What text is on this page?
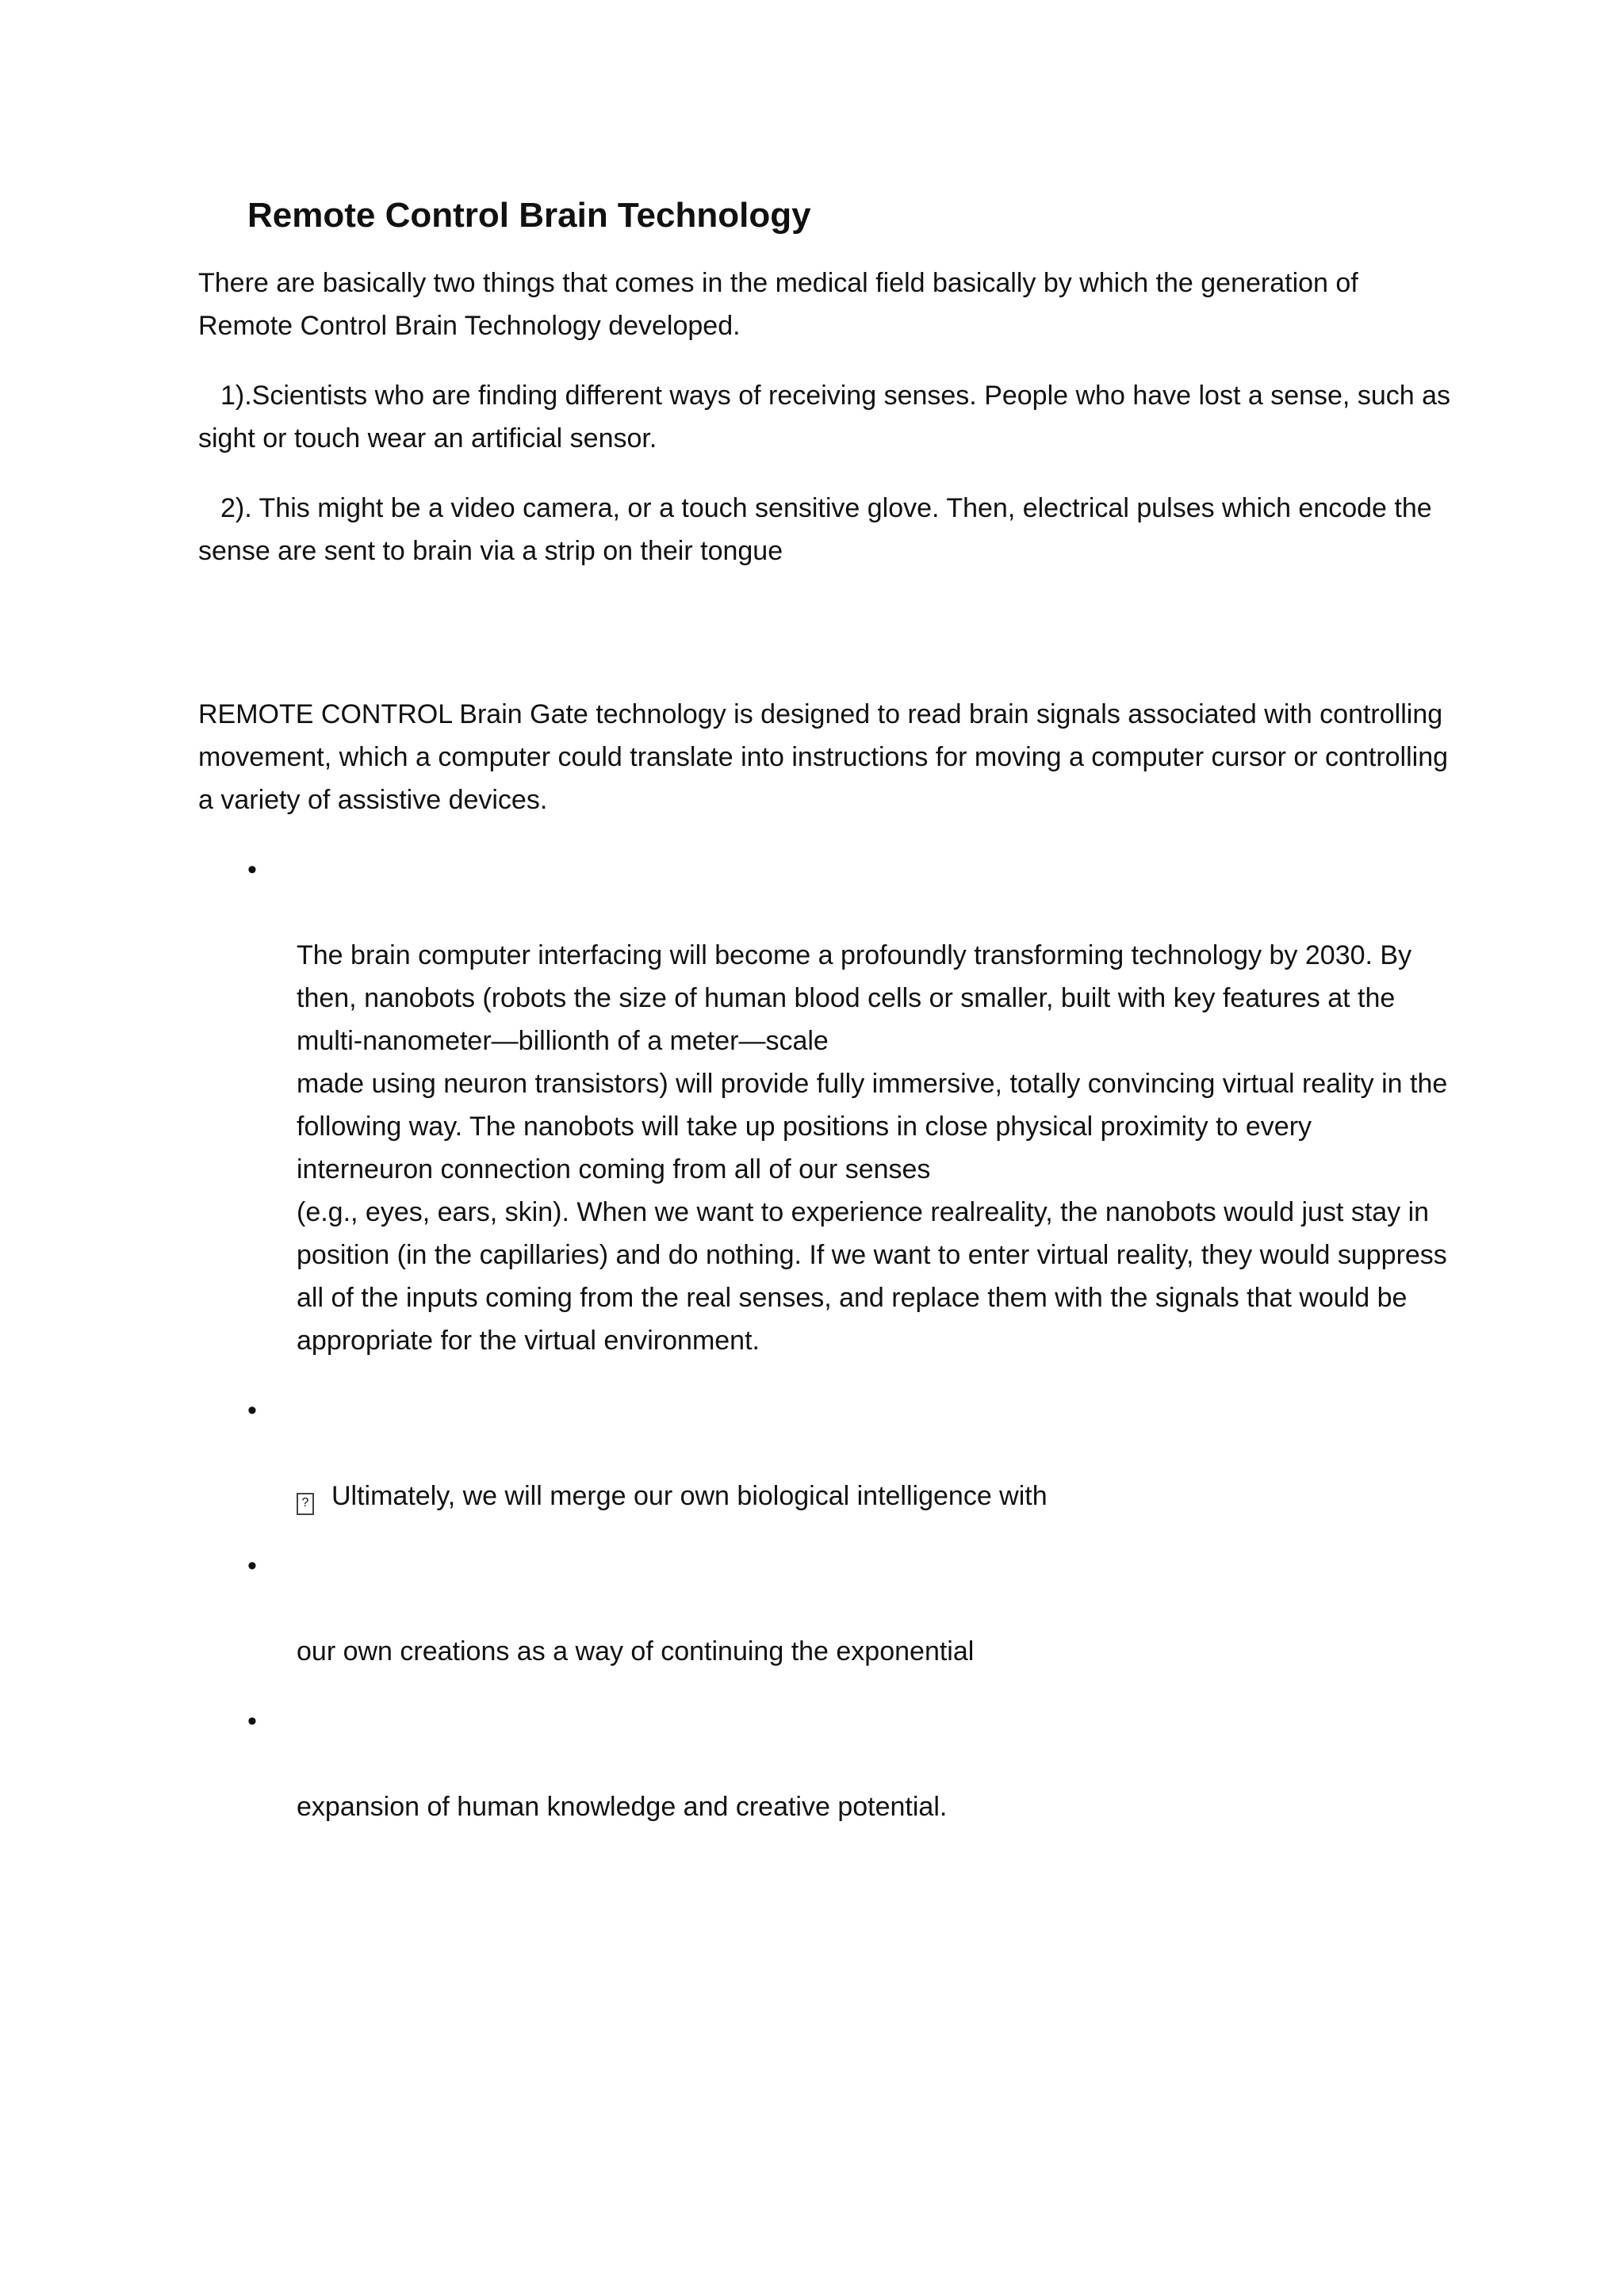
Remote Control Brain Technology

There are basically two things that comes in the medical field basically by which the generation of Remote Control Brain Technology developed.

1).Scientists who are finding different ways of receiving senses. People who have lost a sense, such as sight or touch wear an artificial sensor.

2). This might be a video camera, or a touch sensitive glove. Then, electrical pulses which encode the sense are sent to brain via a strip on their tongue

REMOTE CONTROL Brain Gate technology is designed to read brain signals associated with controlling movement, which a computer could translate into instructions for moving a computer cursor or controlling a variety of assistive devices.

•

The brain computer interfacing will become a profoundly transforming technology by 2030. By then, nanobots (robots the size of human blood cells or smaller, built with key features at the multi-nanometer—billionth of a meter—scale
made using neuron transistors) will provide fully immersive, totally convincing virtual reality in the following way. The nanobots will take up positions in close physical proximity to every interneuron connection coming from all of our senses
(e.g., eyes, ears, skin). When we want to experience realreality, the nanobots would just stay in position (in the capillaries) and do nothing. If we want to enter virtual reality, they would suppress all of the inputs coming from the real senses, and replace them with the signals that would be appropriate for the virtual environment.

•

? Ultimately, we will merge our own biological intelligence with

•

our own creations as a way of continuing the exponential

•

expansion of human knowledge and creative potential.
